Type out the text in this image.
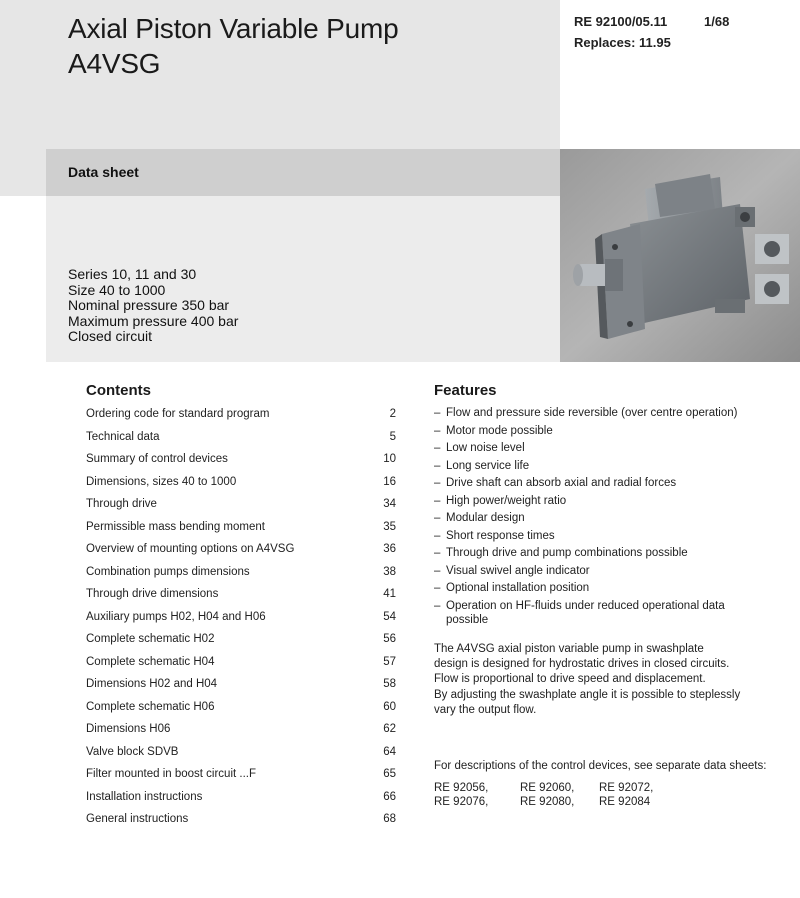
Axial Piston Variable Pump
A4VSG
RE 92100/05.11	1/68
Replaces: 11.95
Data sheet
Series 10, 11 and 30
Size 40 to 1000
Nominal pressure 350 bar
Maximum pressure 400 bar
Closed circuit
Contents
Ordering code for standard program	2
Technical data	5
Summary of control devices	10
Dimensions, sizes 40 to 1000	16
Through drive	34
Permissible mass bending moment	35
Overview of mounting options on A4VSG	36
Combination pumps dimensions	38
Through drive dimensions	41
Auxiliary pumps H02, H04 and H06	54
Complete schematic H02	56
Complete schematic H04	57
Dimensions H02 and H04	58
Complete schematic H06	60
Dimensions H06	62
Valve block SDVB	64
Filter mounted in boost circuit ...F	65
Installation instructions	66
General instructions	68
Features
– Flow and pressure side reversible (over centre operation)
– Motor mode possible
– Low noise level
– Long service life
– Drive shaft can absorb axial and radial forces
– High power/weight ratio
– Modular design
– Short response times
– Through drive and pump combinations possible
– Visual swivel angle indicator
– Optional installation position
– Operation on HF-fluids under reduced operational data possible
The A4VSG axial piston variable pump in swashplate
design is designed for hydrostatic drives in closed circuits.
Flow is proportional to drive speed and displacement.
By adjusting the swashplate angle it is possible to steplessly
vary the output flow.
For descriptions of the control devices, see separate data sheets:
RE 92056,	RE 92060, RE 92072,
RE 92076,	RE 92080, RE 92084
